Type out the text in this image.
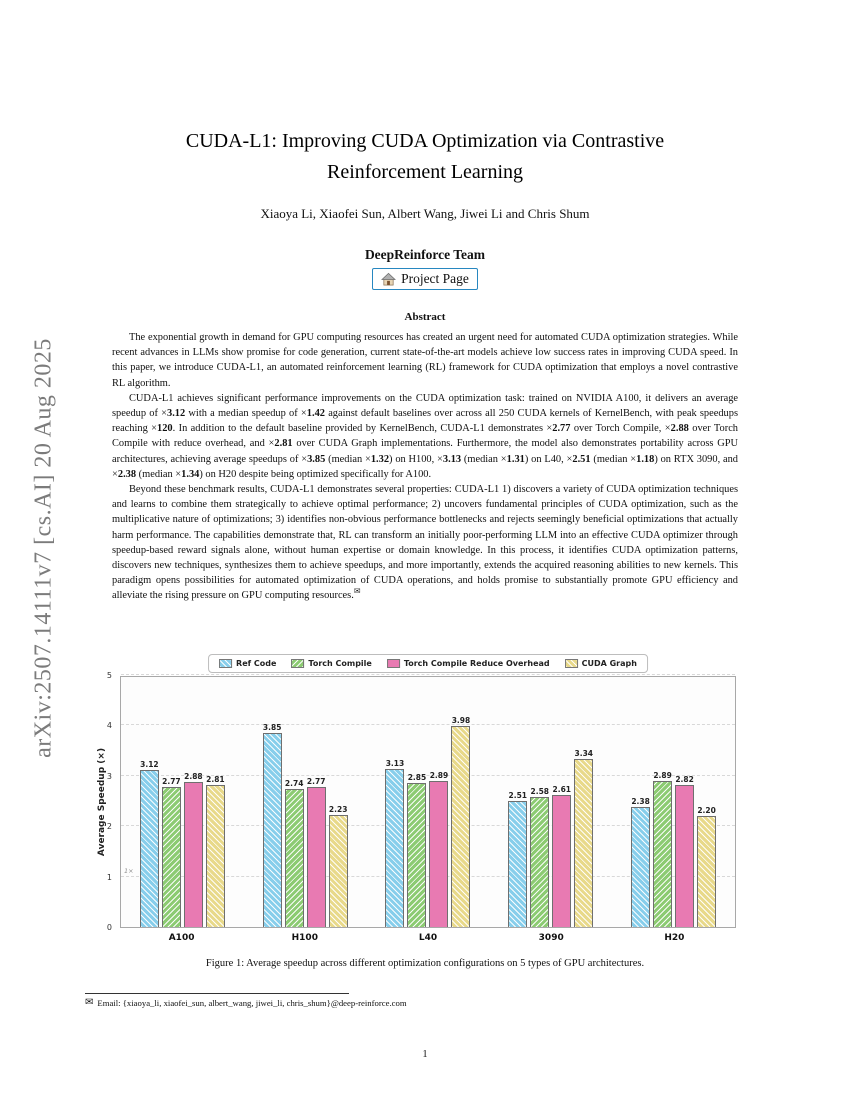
arXiv:2507.14111v7 [cs.AI] 20 Aug 2025
CUDA-L1: Improving CUDA Optimization via Contrastive
Reinforcement Learning
Xiaoya Li, Xiaofei Sun, Albert Wang, Jiwei Li and Chris Shum
DeepReinforce Team
Project Page
Abstract

The exponential growth in demand for GPU computing resources has created an urgent need for automated CUDA optimization strategies. While recent advances in LLMs show promise for code generation, current state-of-the-art models achieve low success rates in improving CUDA speed. In this paper, we introduce CUDA-L1, an automated reinforcement learning (RL) framework for CUDA optimization that employs a novel contrastive RL algorithm.

CUDA-L1 achieves significant performance improvements on the CUDA optimization task: trained on NVIDIA A100, it delivers an average speedup of ×3.12 with a median speedup of ×1.42 against default baselines over across all 250 CUDA kernels of KernelBench, with peak speedups reaching ×120. In addition to the default baseline provided by KernelBench, CUDA-L1 demonstrates ×2.77 over Torch Compile, ×2.88 over Torch Compile with reduce overhead, and ×2.81 over CUDA Graph implementations. Furthermore, the model also demonstrates portability across GPU architectures, achieving average speedups of ×3.85 (median ×1.32) on H100, ×3.13 (median ×1.31) on L40, ×2.51 (median ×1.18) on RTX 3090, and ×2.38 (median ×1.34) on H20 despite being optimized specifically for A100.

Beyond these benchmark results, CUDA-L1 demonstrates several properties: CUDA-L1 1) discovers a variety of CUDA optimization techniques and learns to combine them strategically to achieve optimal performance; 2) uncovers fundamental principles of CUDA optimization, such as the multiplicative nature of optimizations; 3) identifies non-obvious performance bottlenecks and rejects seemingly beneficial optimizations that actually harm performance. The capabilities demonstrate that, RL can transform an initially poor-performing LLM into an effective CUDA optimizer through speedup-based reward signals alone, without human expertise or domain knowledge. In this process, it identifies CUDA optimization patterns, discovers new techniques, synthesizes them to achieve speedups, and more importantly, extends the acquired reasoning abilities to new kernels. This paradigm opens possibilities for automated optimization of CUDA operations, and holds promise to substantially promote GPU efficiency and alleviate the rising pressure on GPU computing resources.✉

Ref Code	Torch Compile	Torch Compile Reduce Overhead	CUDA Graph
Average Speedup (×)	3.12
2.77
2.88 2.81
3.85
2.74 2.77
2.23
3.13
2.85 2.89
3.98
2.51 2.58 2.61
3.34
2.38
2.89 2.82
2.20
1×
0
1
2
3
4
5
A100	H100	L40	3090	H20
Figure 1: Average speedup across different optimization configurations on 5 types of GPU architectures.
✉ Email: {xiaoya_li, xiaofei_sun, albert_wang, jiwei_li, chris_shum}@deep-reinforce.com
1
